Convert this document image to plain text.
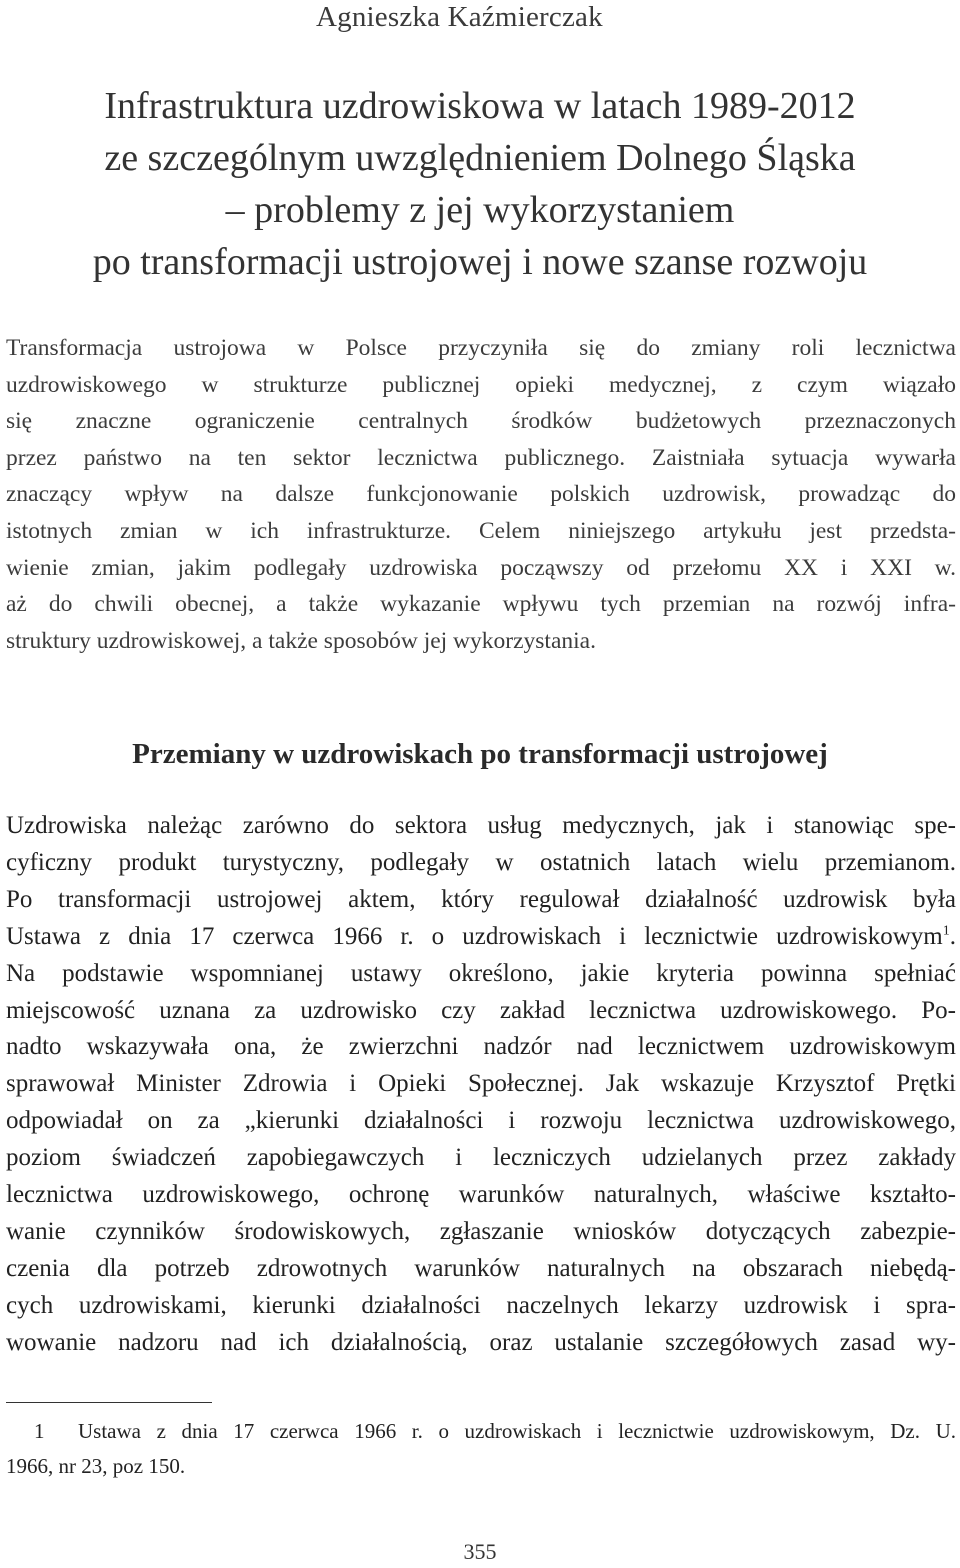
Agnieszka Kaźmierczak
Infrastruktura uzdrowiskowa w latach 1989-2012
ze szczególnym uwzględnieniem Dolnego Śląska
– problemy z jej wykorzystaniem
po transformacji ustrojowej i nowe szanse rozwoju
Transformacja ustrojowa w Polsce przyczyniła się do zmiany roli lecznictwa
uzdrowiskowego w strukturze publicznej opieki medycznej, z czym wiązało
się znaczne ograniczenie centralnych środków budżetowych przeznaczonych
przez państwo na ten sektor lecznictwa publicznego. Zaistniała sytuacja wywarła
znaczący wpływ na dalsze funkcjonowanie polskich uzdrowisk, prowadząc do
istotnych zmian w ich infrastrukturze. Celem niniejszego artykułu jest przedsta-
wienie zmian, jakim podlegały uzdrowiska począwszy od przełomu XX i XXI w.
aż do chwili obecnej, a także wykazanie wpływu tych przemian na rozwój infra-
struktury uzdrowiskowej, a także sposobów jej wykorzystania.
Przemiany w uzdrowiskach po transformacji ustrojowej
Uzdrowiska należąc zarówno do sektora usług medycznych, jak i stanowiąc spe-
cyficzny produkt turystyczny, podlegały w ostatnich latach wielu przemianom.
Po transformacji ustrojowej aktem, który regulował działalność uzdrowisk była
Ustawa z dnia 17 czerwca 1966 r. o uzdrowiskach i lecznictwie uzdrowiskowym$^1$.
Na podstawie wspomnianej ustawy określono, jakie kryteria powinna spełniać
miejscowość uznana za uzdrowisko czy zakład lecznictwa uzdrowiskowego. Po-
nadto wskazywała ona, że zwierzchni nadzór nad lecznictwem uzdrowiskowym
sprawował Minister Zdrowia i Opieki Społecznej. Jak wskazuje Krzysztof Prętki
odpowiadał on za „kierunki działalności i rozwoju lecznictwa uzdrowiskowego,
poziom świadczeń zapobiegawczych i leczniczych udzielanych przez zakłady
lecznictwa uzdrowiskowego, ochronę warunków naturalnych, właściwe kształto-
wanie czynników środowiskowych, zgłaszanie wniosków dotyczących zabezpie-
czenia dla potrzeb zdrowotnych warunków naturalnych na obszarach niebędą-
cych uzdrowiskami, kierunki działalności naczelnych lekarzy uzdrowisk i spra-
wowanie nadzoru nad ich działalnością, oraz ustalanie szczegółowych zasad wy-
1 Ustawa z dnia 17 czerwca 1966 r. o uzdrowiskach i lecznictwie uzdrowiskowym, Dz. U.
1966, nr 23, poz 150.
355
